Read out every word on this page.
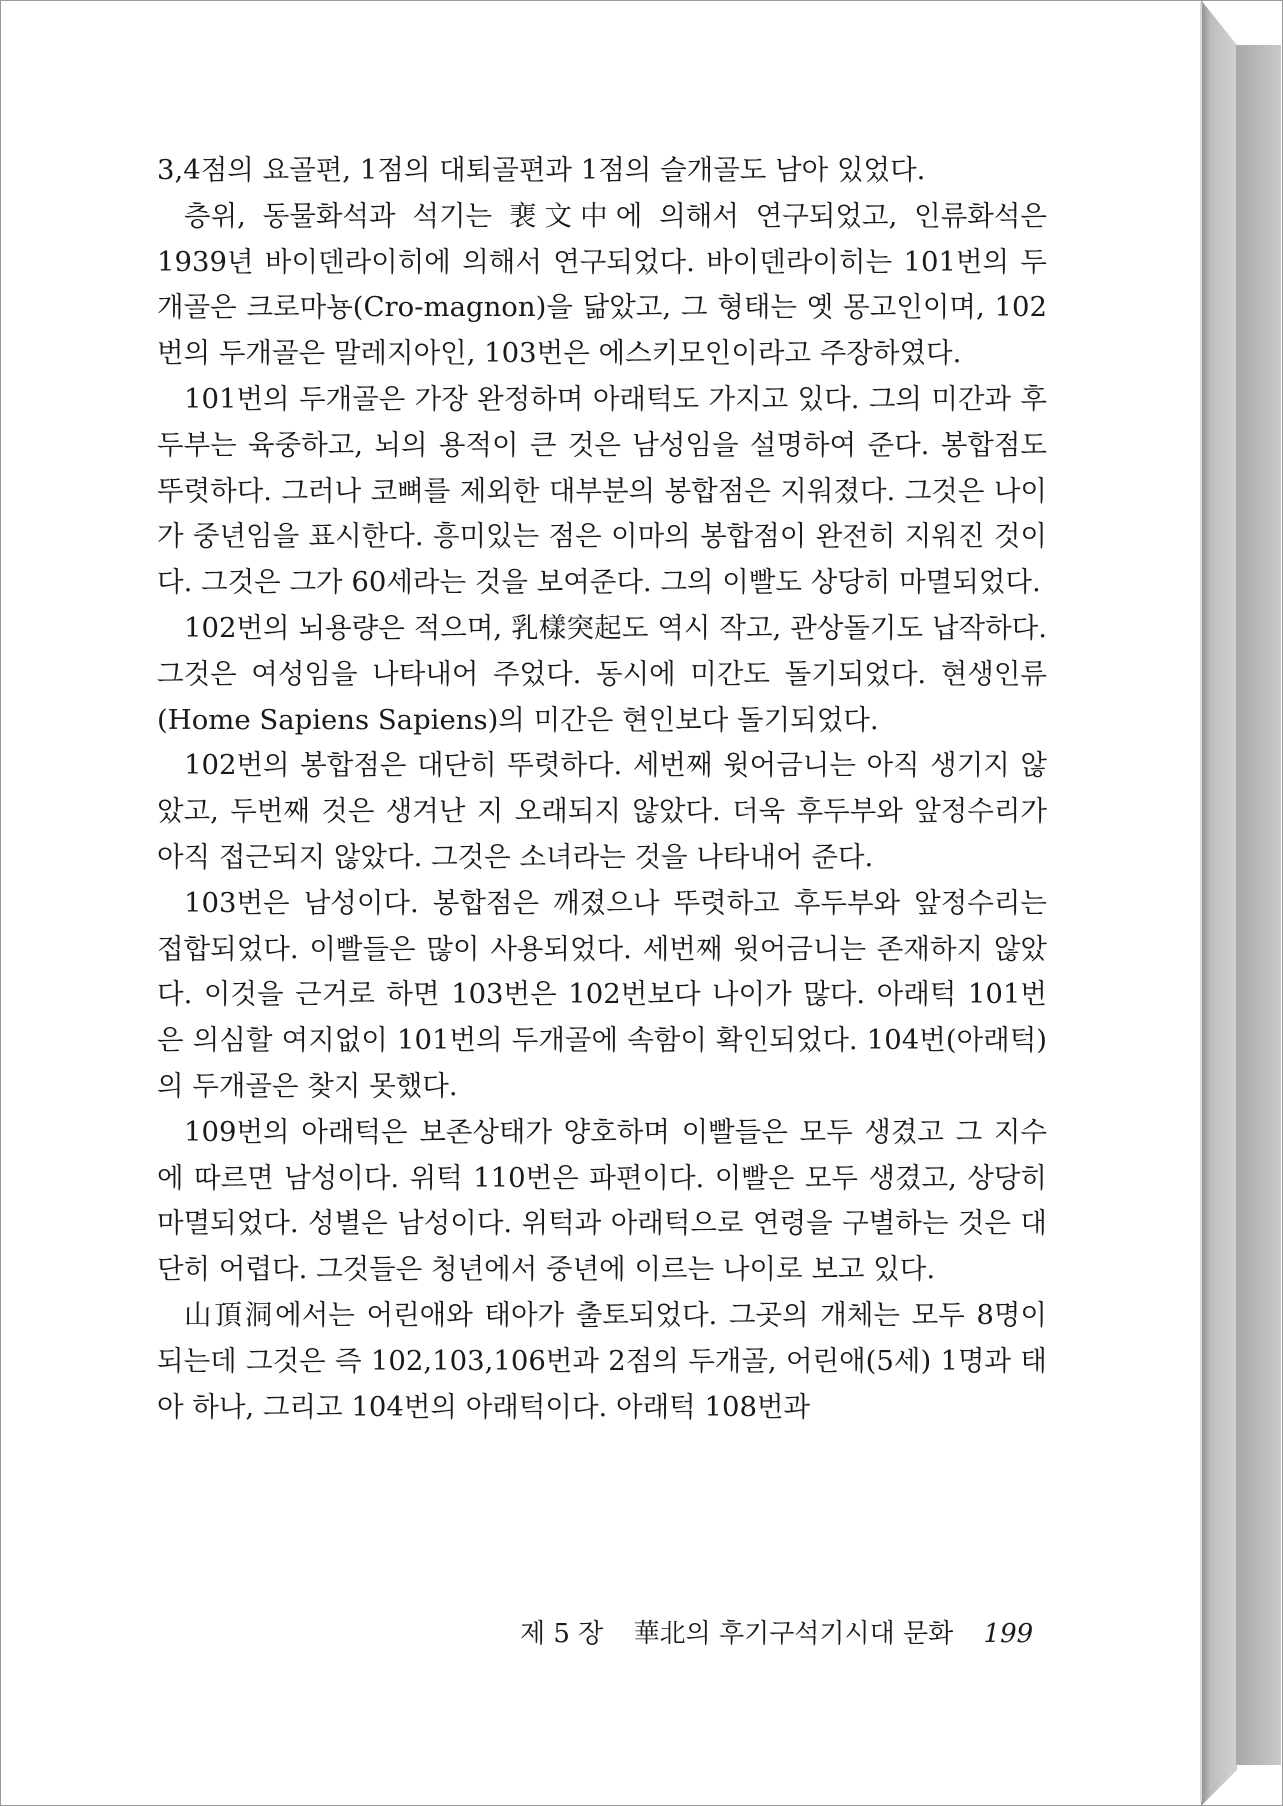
3,4점의 요골편, 1점의 대퇴골편과 1점의 슬개골도 남아 있었다.

층위, 동물화석과 석기는 裵文中에 의해서 연구되었고, 인류화석은 1939년 바이덴라이히에 의해서 연구되었다. 바이덴라이히는 101번의 두개골은 크로마뇽(Cro-magnon)을 닮았고, 그 형태는 옛 몽고인이며, 102번의 두개골은 말레지아인, 103번은 에스키모인이라고 주장하였다.

101번의 두개골은 가장 완정하며 아래턱도 가지고 있다. 그의 미간과 후두부는 육중하고, 뇌의 용적이 큰 것은 남성임을 설명하여 준다. 봉합점도 뚜렷하다. 그러나 코뼈를 제외한 대부분의 봉합점은 지워졌다. 그것은 나이가 중년임을 표시한다. 흥미있는 점은 이마의 봉합점이 완전히 지워진 것이다. 그것은 그가 60세라는 것을 보여준다. 그의 이빨도 상당히 마멸되었다.

102번의 뇌용량은 적으며, 乳樣突起도 역시 작고, 관상돌기도 납작하다. 그것은 여성임을 나타내어 주었다. 동시에 미간도 돌기되었다. 현생인류(Home Sapiens Sapiens)의 미간은 현인보다 돌기되었다.

102번의 봉합점은 대단히 뚜렷하다. 세번째 윗어금니는 아직 생기지 않았고, 두번째 것은 생겨난 지 오래되지 않았다. 더욱 후두부와 앞정수리가 아직 접근되지 않았다. 그것은 소녀라는 것을 나타내어 준다.

103번은 남성이다. 봉합점은 깨졌으나 뚜렷하고 후두부와 앞정수리는 접합되었다. 이빨들은 많이 사용되었다. 세번째 윗어금니는 존재하지 않았다. 이것을 근거로 하면 103번은 102번보다 나이가 많다. 아래턱 101번은 의심할 여지없이 101번의 두개골에 속함이 확인되었다. 104번(아래턱)의 두개골은 찾지 못했다.

109번의 아래턱은 보존상태가 양호하며 이빨들은 모두 생겼고 그 지수에 따르면 남성이다. 위턱 110번은 파편이다. 이빨은 모두 생겼고, 상당히 마멸되었다. 성별은 남성이다. 위턱과 아래턱으로 연령을 구별하는 것은 대단히 어렵다. 그것들은 청년에서 중년에 이르는 나이로 보고 있다.

山頂洞에서는 어린애와 태아가 출토되었다. 그곳의 개체는 모두 8명이 되는데 그것은 즉 102,103,106번과 2점의 두개골, 어린애(5세) 1명과 태아 하나, 그리고 104번의 아래턱이다. 아래턱 108번과

제 5 장 華北의 후기구석기시대 문화 199
